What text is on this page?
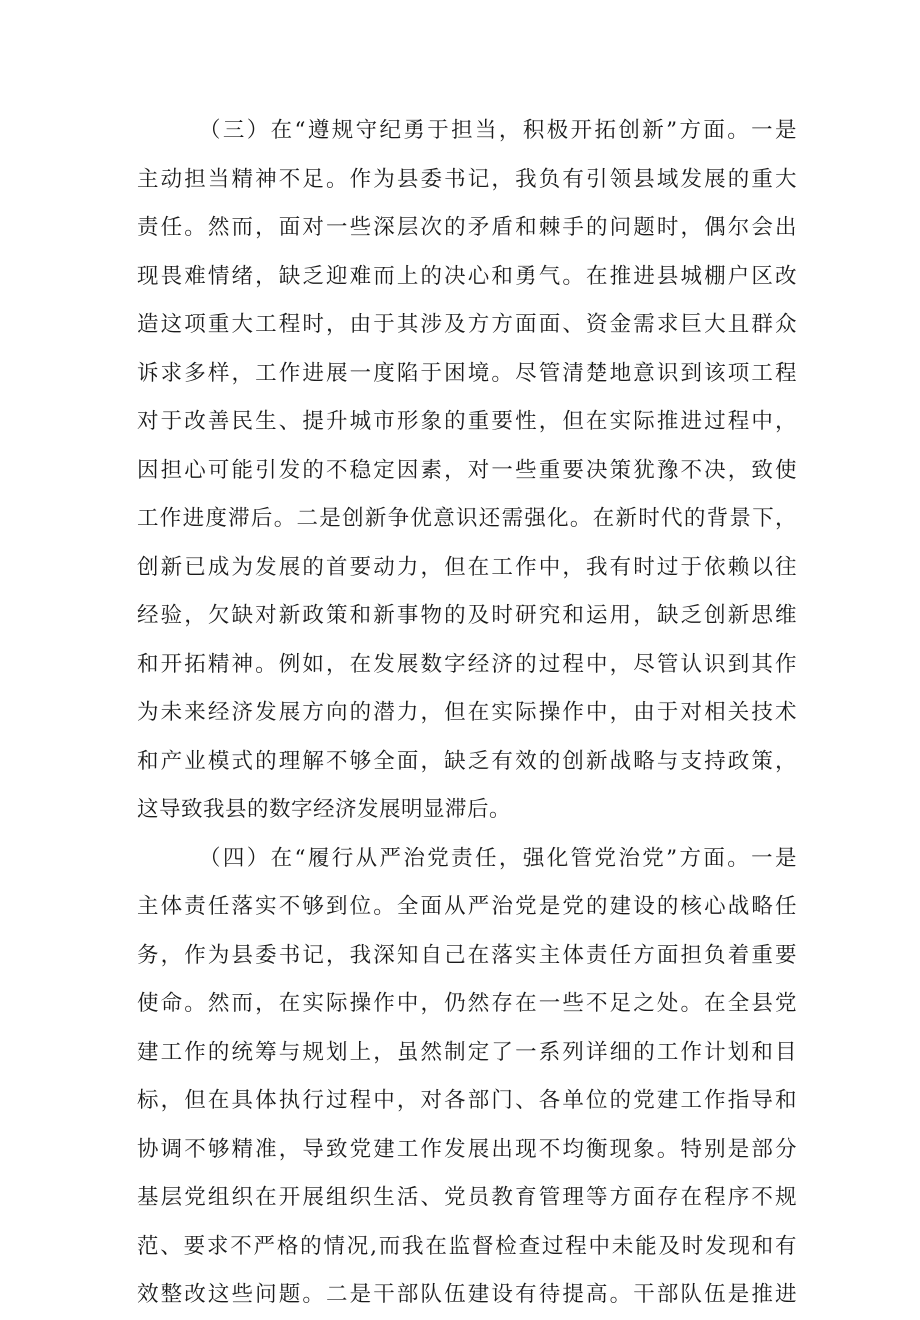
（三）在“遵规守纪勇于担当，积极开拓创新”方面。一是
主动担当精神不足。作为县委书记，我负有引领县域发展的重大
责任。然而，面对一些深层次的矛盾和棘手的问题时，偶尔会出
现畏难情绪，缺乏迎难而上的决心和勇气。在推进县城棚户区改
造这项重大工程时，由于其涉及方方面面、资金需求巨大且群众
诉求多样，工作进展一度陷于困境。尽管清楚地意识到该项工程
对于改善民生、提升城市形象的重要性，但在实际推进过程中，
因担心可能引发的不稳定因素，对一些重要决策犹豫不决，致使
工作进度滞后。二是创新争优意识还需强化。在新时代的背景下，
创新已成为发展的首要动力，但在工作中，我有时过于依赖以往
经验，欠缺对新政策和新事物的及时研究和运用，缺乏创新思维
和开拓精神。例如，在发展数字经济的过程中，尽管认识到其作
为未来经济发展方向的潜力，但在实际操作中，由于对相关技术
和产业模式的理解不够全面，缺乏有效的创新战略与支持政策，
这导致我县的数字经济发展明显滞后。
（四）在“履行从严治党责任，强化管党治党”方面。一是
主体责任落实不够到位。全面从严治党是党的建设的核心战略任
务，作为县委书记，我深知自己在落实主体责任方面担负着重要
使命。然而，在实际操作中，仍然存在一些不足之处。在全县党
建工作的统筹与规划上，虽然制定了一系列详细的工作计划和目
标，但在具体执行过程中，对各部门、各单位的党建工作指导和
协调不够精准，导致党建工作发展出现不均衡现象。特别是部分
基层党组织在开展组织生活、党员教育管理等方面存在程序不规
范、要求不严格的情况,而我在监督检查过程中未能及时发现和有
效整改这些问题。二是干部队伍建设有待提高。干部队伍是推进
